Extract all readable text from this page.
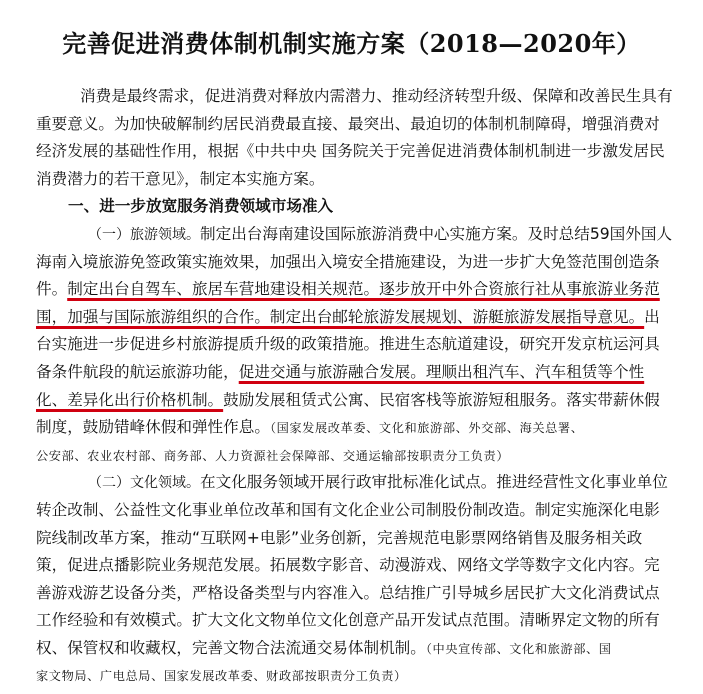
完善促进消费体制机制实施方案（2018—2020年）
消费是最终需求，促进消费对释放内需潜力、推动经济转型升级、保障和改善民生具有
重要意义。为加快破解制约居民消费最直接、最突出、最迫切的体制机制障碍，增强消费对
经济发展的基础性作用，根据《中共中央 国务院关于完善促进消费体制机制进一步激发居民
消费潜力的若干意见》，制定本实施方案。
一、进一步放宽服务消费领域市场准入
（一）旅游领域。制定出台海南建设国际旅游消费中心实施方案。及时总结59国外国人
海南入境旅游免签政策实施效果，加强出入境安全措施建设，为进一步扩大免签范围创造条
件。制定出台自驾车、旅居车营地建设相关规范。逐步放开中外合资旅行社从事旅游业务范
围，加强与国际旅游组织的合作。制定出台邮轮旅游发展规划、游艇旅游发展指导意见。出
台实施进一步促进乡村旅游提质升级的政策措施。推进生态航道建设，研究开发京杭运河具
备条件航段的航运旅游功能，促进交通与旅游融合发展。理顺出租汽车、汽车租赁等个性
化、差异化出行价格机制。鼓励发展租赁式公寓、民宿客栈等旅游短租服务。落实带薪休假
制度，鼓励错峰休假和弹性作息。（国家发展改革委、文化和旅游部、外交部、海关总署、
公安部、农业农村部、商务部、人力资源社会保障部、交通运输部按职责分工负责）
（二）文化领域。在文化服务领域开展行政审批标准化试点。推进经营性文化事业单位
转企改制、公益性文化事业单位改革和国有文化企业公司制股份制改造。制定实施深化电影
院线制改革方案，推动“互联网+电影”业务创新，完善规范电影票网络销售及服务相关政
策，促进点播影院业务规范发展。拓展数字影音、动漫游戏、网络文学等数字文化内容。完
善游戏游艺设备分类，严格设备类型与内容准入。总结推广引导城乡居民扩大文化消费试点
工作经验和有效模式。扩大文化文物单位文化创意产品开发试点范围。清晰界定文物的所有
权、保管权和收藏权，完善文物合法流通交易体制机制。（中央宣传部、文化和旅游部、国
家文物局、广电总局、国家发展改革委、财政部按职责分工负责）
